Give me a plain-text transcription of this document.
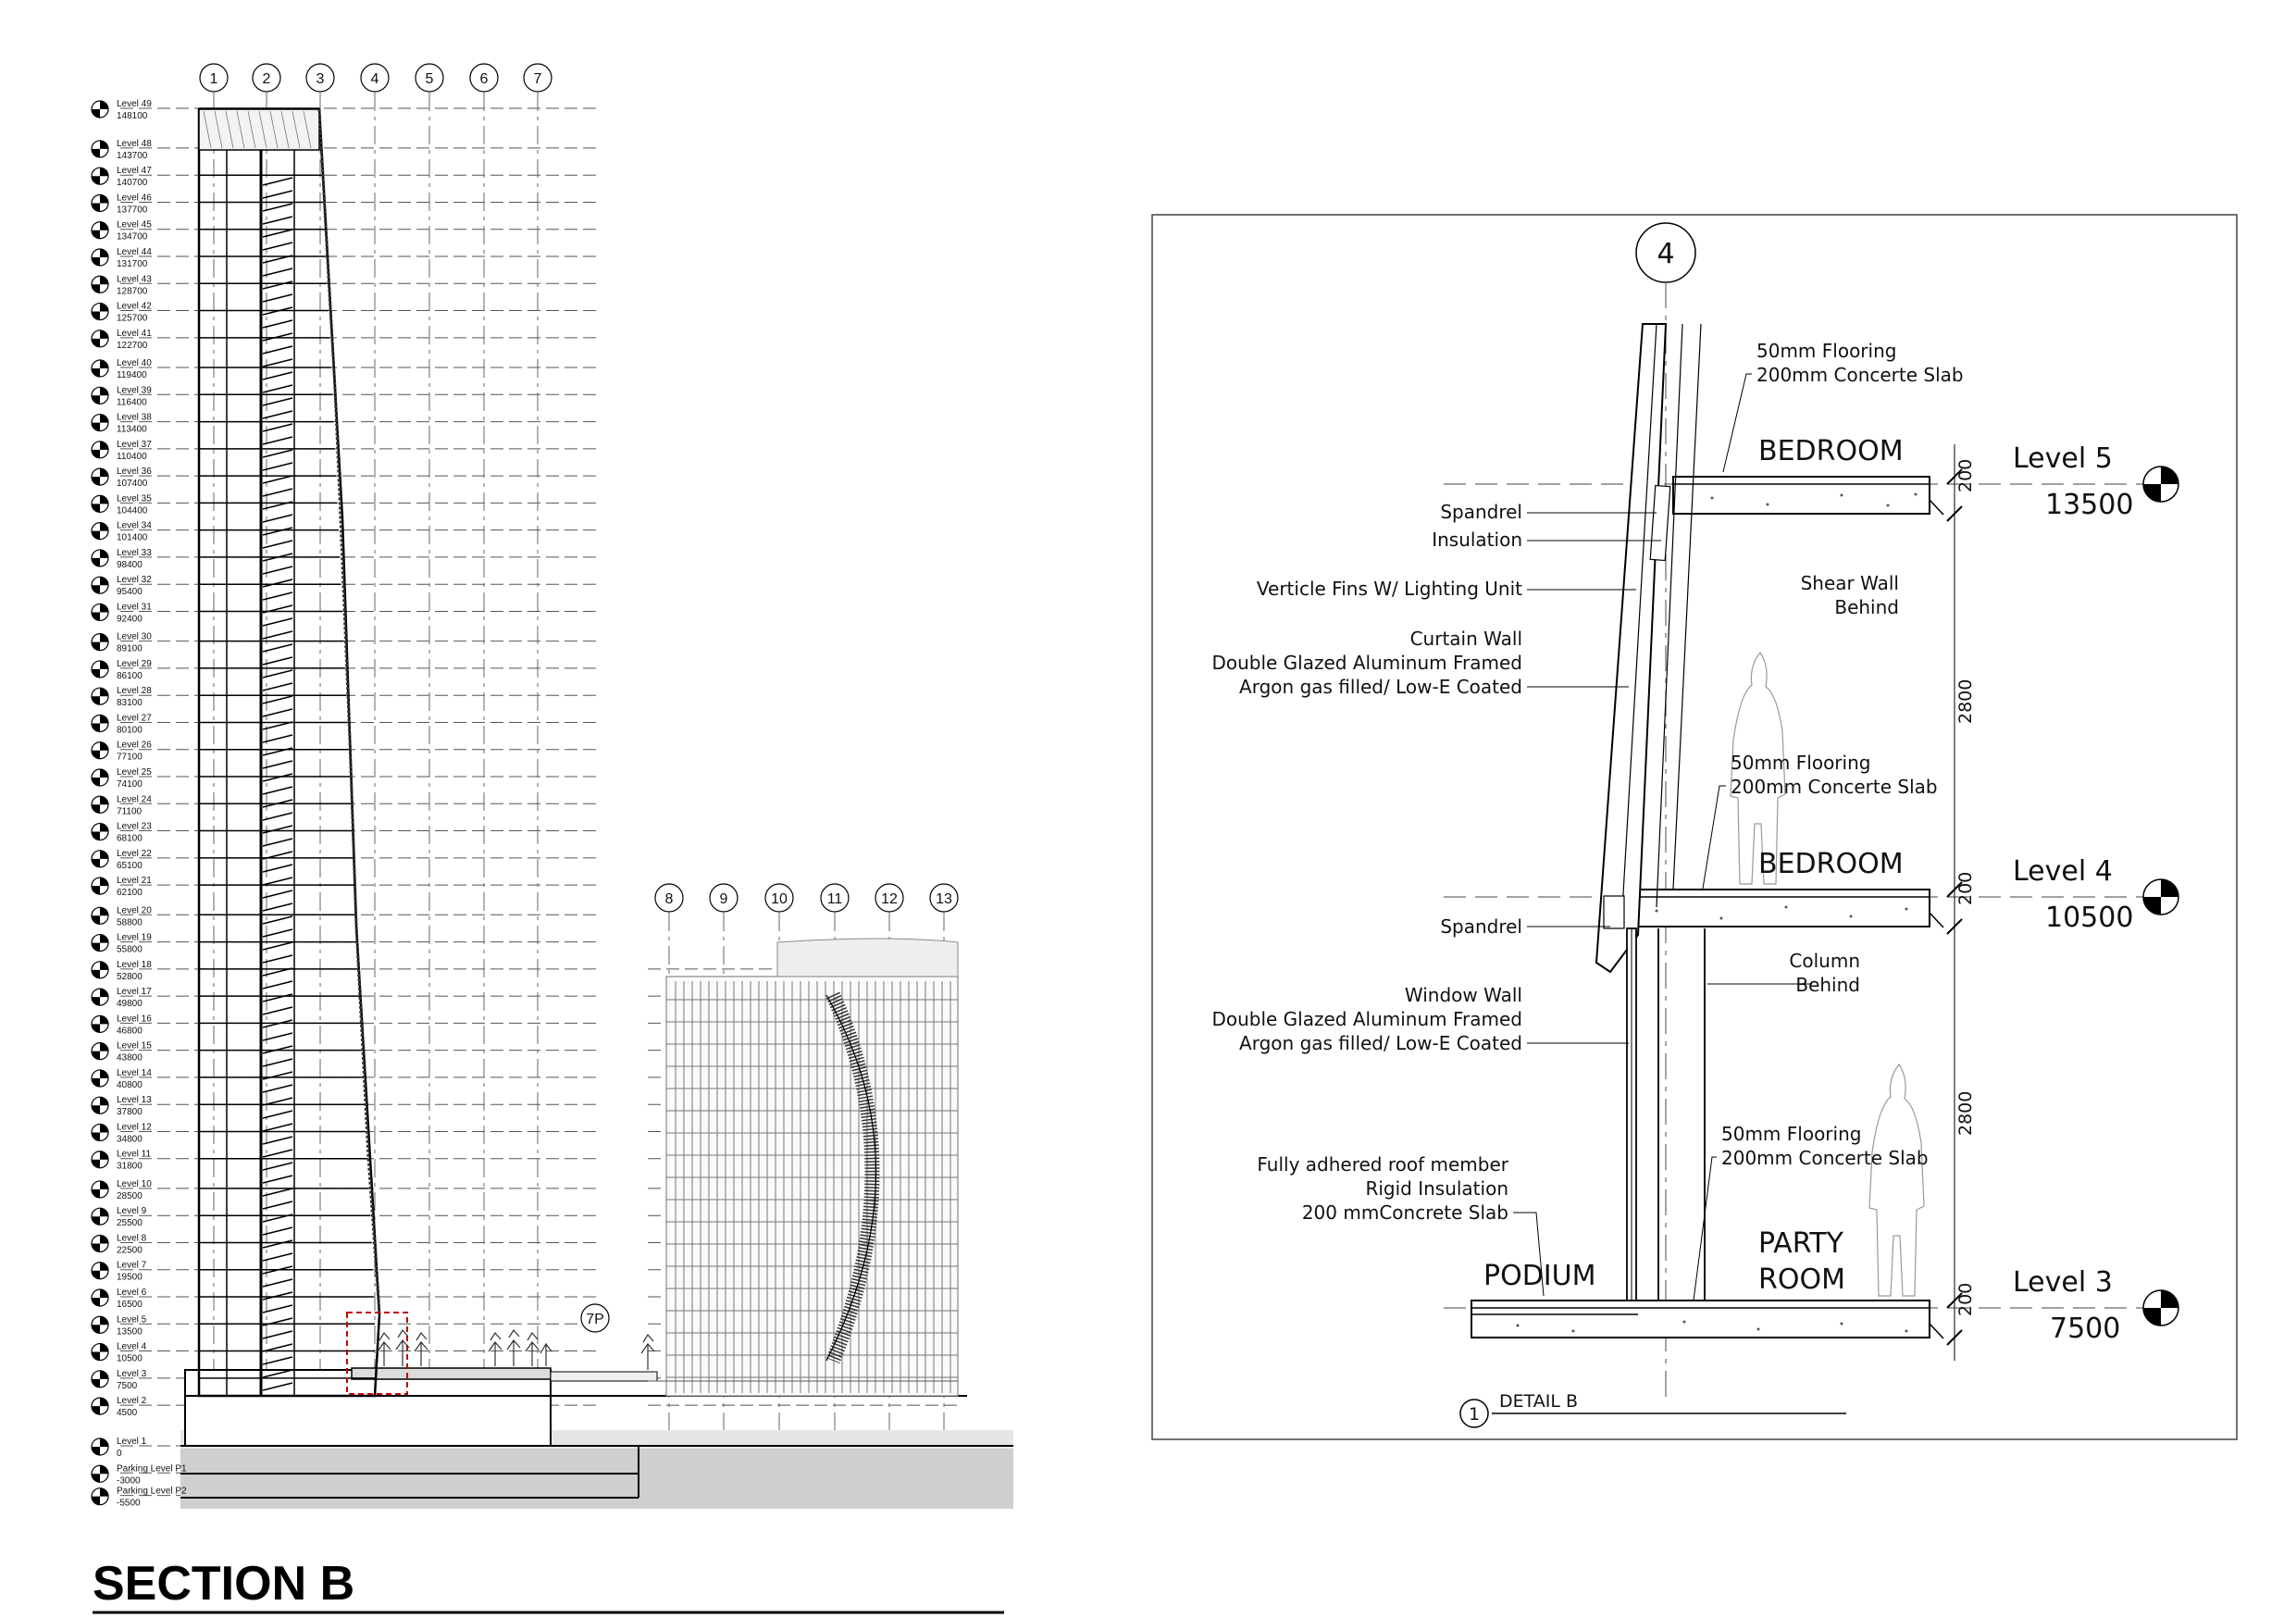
Level 49
148100
Level 48
143700
Level 47
140700
Level 46
137700
Level 45
134700
Level 44
131700
Level 43
128700
Level 42
125700
Level 41
122700
Level 40
119400
Level 39
116400
Level 38
113400
Level 37
110400
Level 36
107400
Level 35
104400
Level 34
101400
Level 33
98400
Level 32
95400
Level 31
92400
Level 30
89100
Level 29
86100
Level 28
83100
Level 27
80100
Level 26
77100
Level 25
74100
Level 24
71100
Level 23
68100
Level 22
65100
Level 21
62100
Level 20
58800
Level 19
55800
Level 18
52800
Level 17
49800
Level 16
46800
Level 15
43800
Level 14
40800
Level 13
37800
Level 12
34800
Level 11
31800
Level 10
28500
Level 9
25500
Level 8
22500
Level 7
19500
Level 6
16500
Level 5
13500
Level 4
10500
Level 3
7500
Level 2
4500
Level 1
0
Parking Level P1
-3000
Parking Level P2
-5500
1	2	3	4	5	6	7
8	9	10	11	12	13
7P
SECTION B
4
200
2800
200
2800
200
Level 5
13500
Level 4
10500
Level 3
7500
BEDROOM
BEDROOM
PODIUM
PARTY
ROOM
50mm Flooring
200mm Concerte Slab
Spandrel
Insulation
Verticle Fins W/ Lighting Unit
Curtain Wall
Double Glazed Aluminum Framed
Argon gas filled/ Low-E Coated
Shear Wall
Behind
50mm Flooring
200mm Concerte Slab
Spandrel
Column
Behind
Window Wall
Double Glazed Aluminum Framed
Argon gas filled/ Low-E Coated
Fully adhered roof member
Rigid Insulation
200 mmConcrete Slab
50mm Flooring
200mm Concerte Slab
1
DETAIL B
